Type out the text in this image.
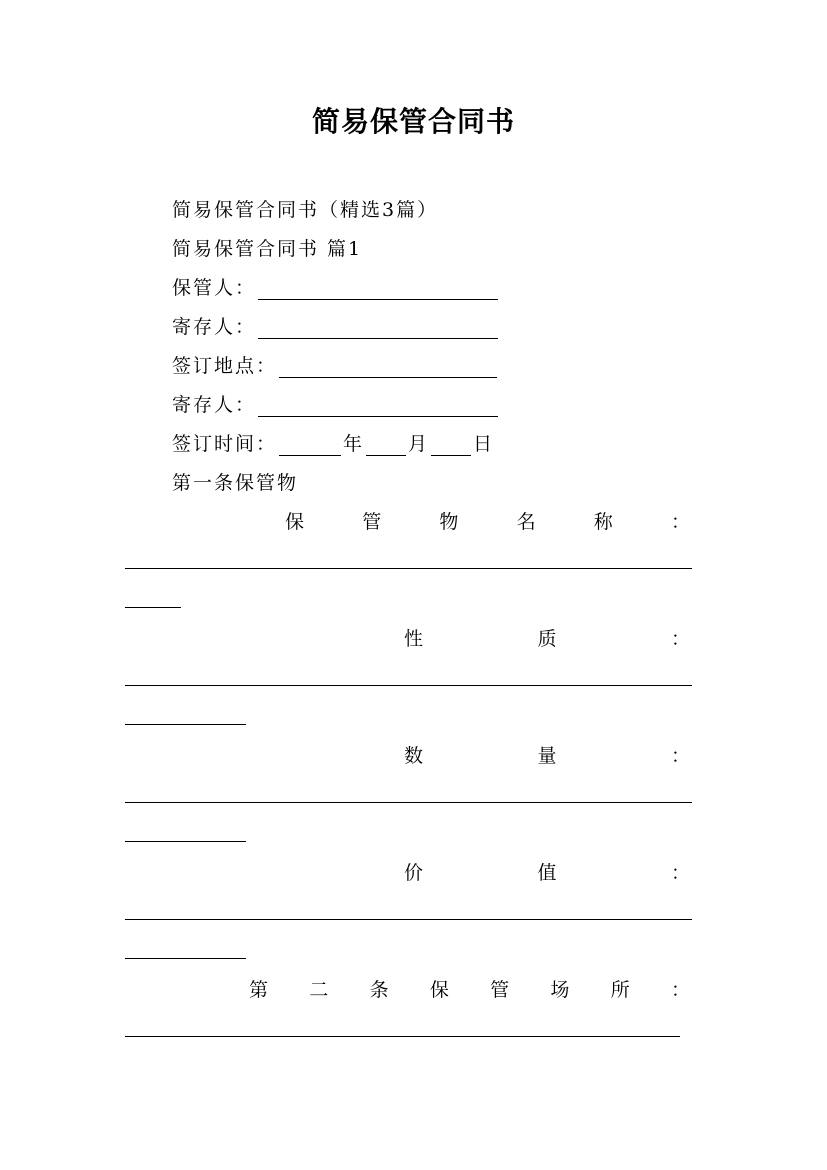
简易保管合同书
简易保管合同书（精选3篇）
简易保管合同书 篇1
保管人：
寄存人：
签订地点：
寄存人：
签订时间：	年 月 日
第一条保管物
保	管	物	名	称	：
性	质	：
数	量	：
价	值	：
第 二 条 保 管 场 所 ：
